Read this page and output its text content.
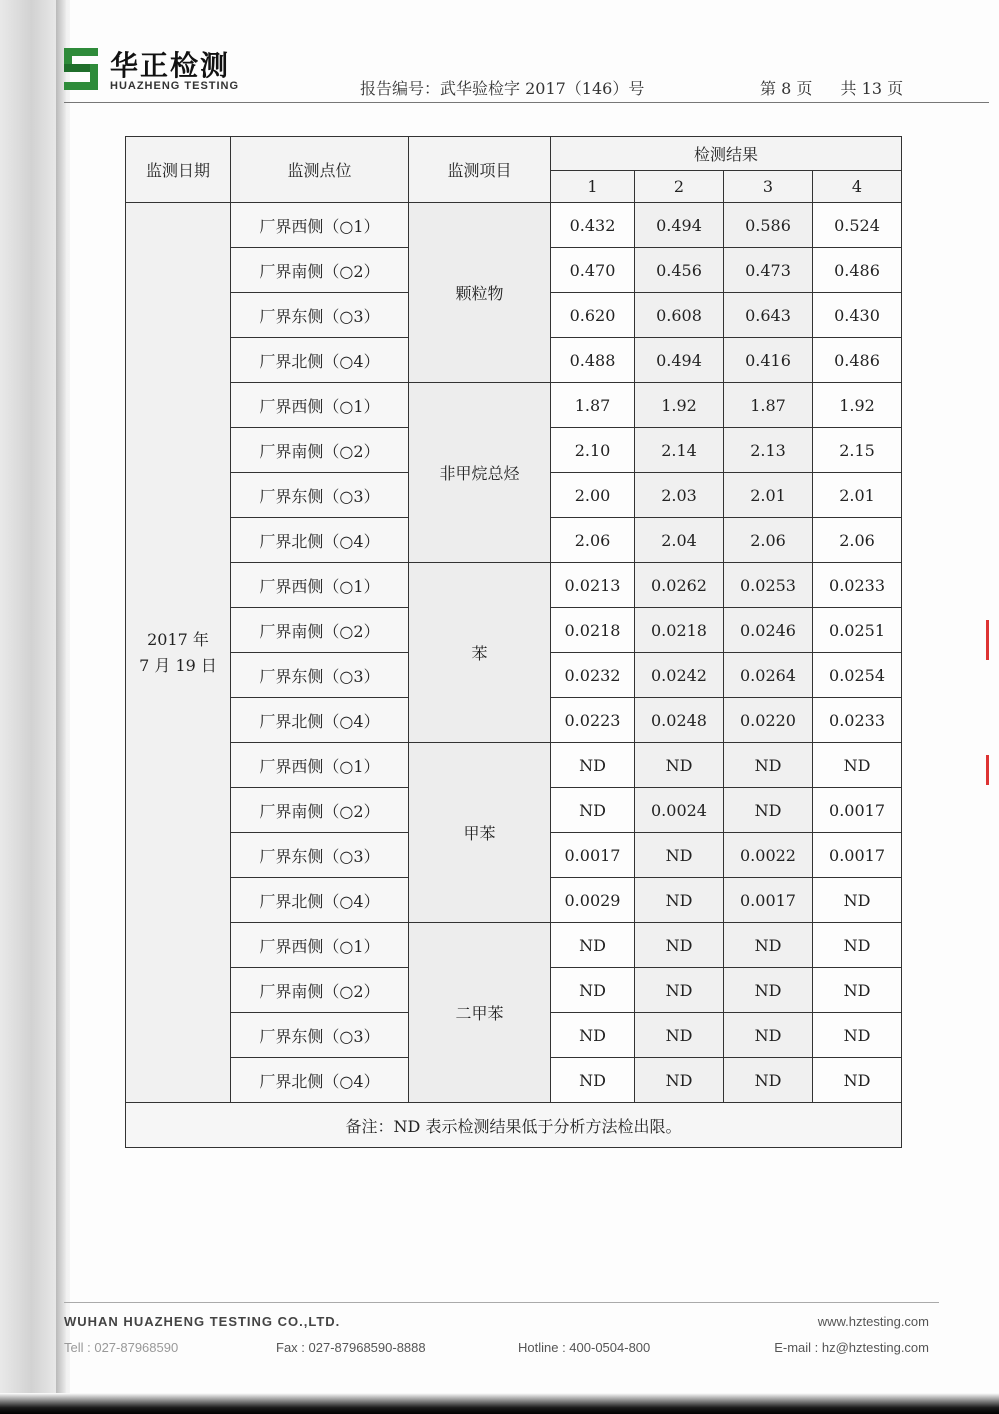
华正检测
HUAZHENG TESTING	报告编号：武华验检字 2017（146）号	第 8 页 共 13 页
监测日期	监测点位	监测项目	检测结果			
			1	2	3	4

2017 年
7 月 19 日	厂界西侧（○1）	颗粒物	0.432	0.494	0.586	0.524
	厂界南侧（○2）		0.470	0.456	0.473	0.486
	厂界东侧（○3）		0.620	0.608	0.643	0.430
	厂界北侧（○4）		0.488	0.494	0.416	0.486
	厂界西侧（○1）	非甲烷总烃	1.87	1.92	1.87	1.92
	厂界南侧（○2）		2.10	2.14	2.13	2.15
	厂界东侧（○3）		2.00	2.03	2.01	2.01
	厂界北侧（○4）		2.06	2.04	2.06	2.06
	厂界西侧（○1）	苯	0.0213	0.0262	0.0253	0.0233
	厂界南侧（○2）		0.0218	0.0218	0.0246	0.0251
	厂界东侧（○3）		0.0232	0.0242	0.0264	0.0254
	厂界北侧（○4）		0.0223	0.0248	0.0220	0.0233
	厂界西侧（○1）	甲苯	ND	ND	ND	ND
	厂界南侧（○2）		ND	0.0024	ND	0.0017
	厂界东侧（○3）		0.0017	ND	0.0022	0.0017
	厂界北侧（○4）		0.0029	ND	0.0017	ND
	厂界西侧（○1）	二甲苯	ND	ND	ND	ND
	厂界南侧（○2）		ND	ND	ND	ND
	厂界东侧（○3）		ND	ND	ND	ND
	厂界北侧（○4）		ND	ND	ND	ND
备注：ND 表示检测结果低于分析方法检出限。						
WUHAN HUAZHENG TESTING CO.,LTD.	www.hztesting.com
Tell : 027-87968590	Fax : 027-87968590-8888	Hotline : 400-0504-800	E-mail : hz@hztesting.com
